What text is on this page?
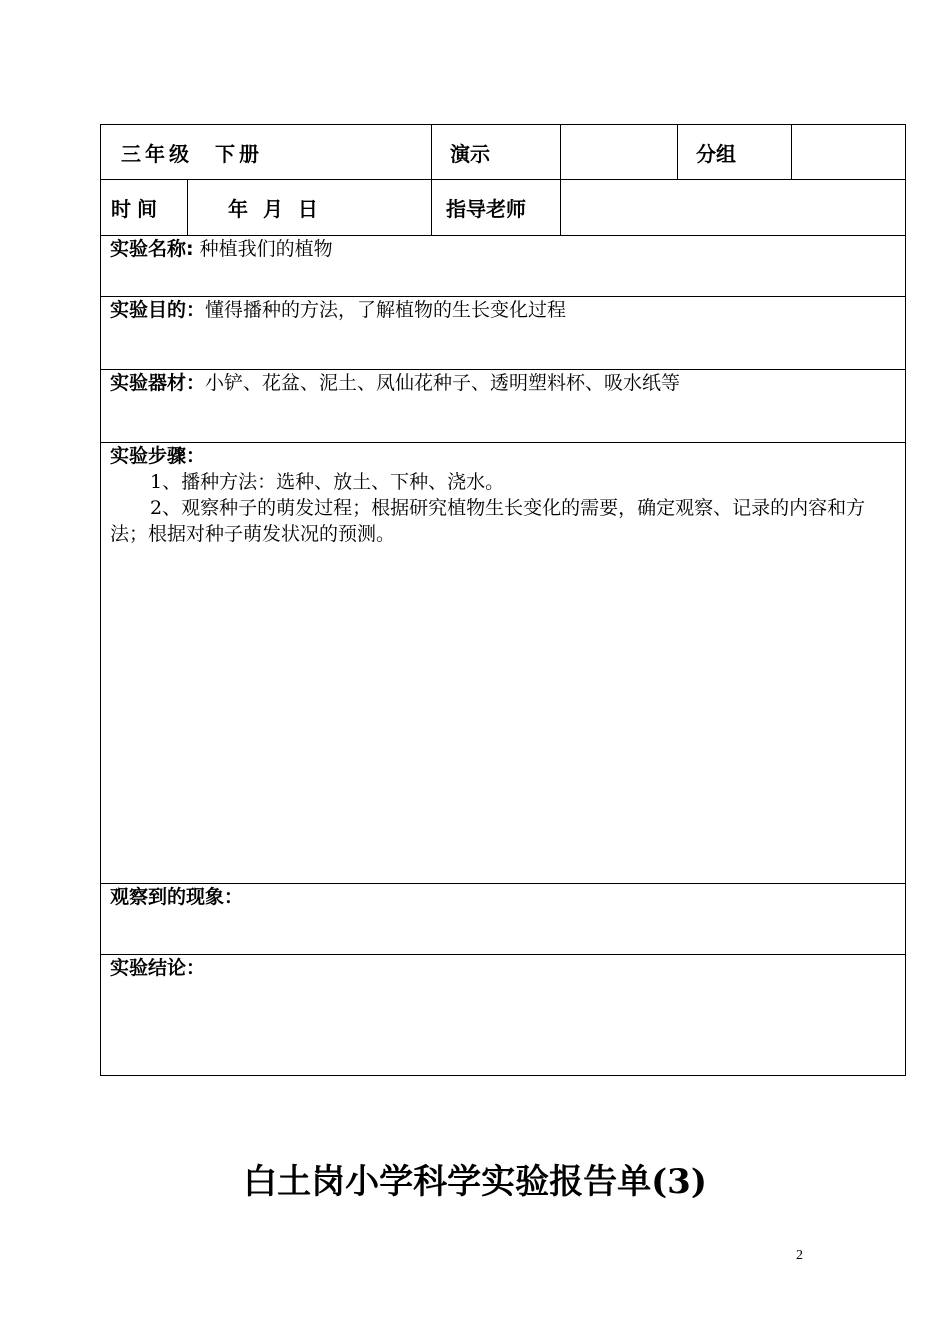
三年级 下册		演示		分组	
时间	年 月 日	指导老师			
实验名称: 种植我们的植物					
实验目的：懂得播种的方法，了解植物的生长变化过程					
实验器材：小铲、花盆、泥土、凤仙花种子、透明塑料杯、吸水纸等					

实验步骤：

1、播种方法：选种、放土、下种、浇水。

2、观察种子的萌发过程；根据研究植物生长变化的需要，确定观察、记录的内容和方法；根据对种子萌发状况的预测。					

观察到的现象：					
实验结论：					
白土岗小学科学实验报告单(3)
2
